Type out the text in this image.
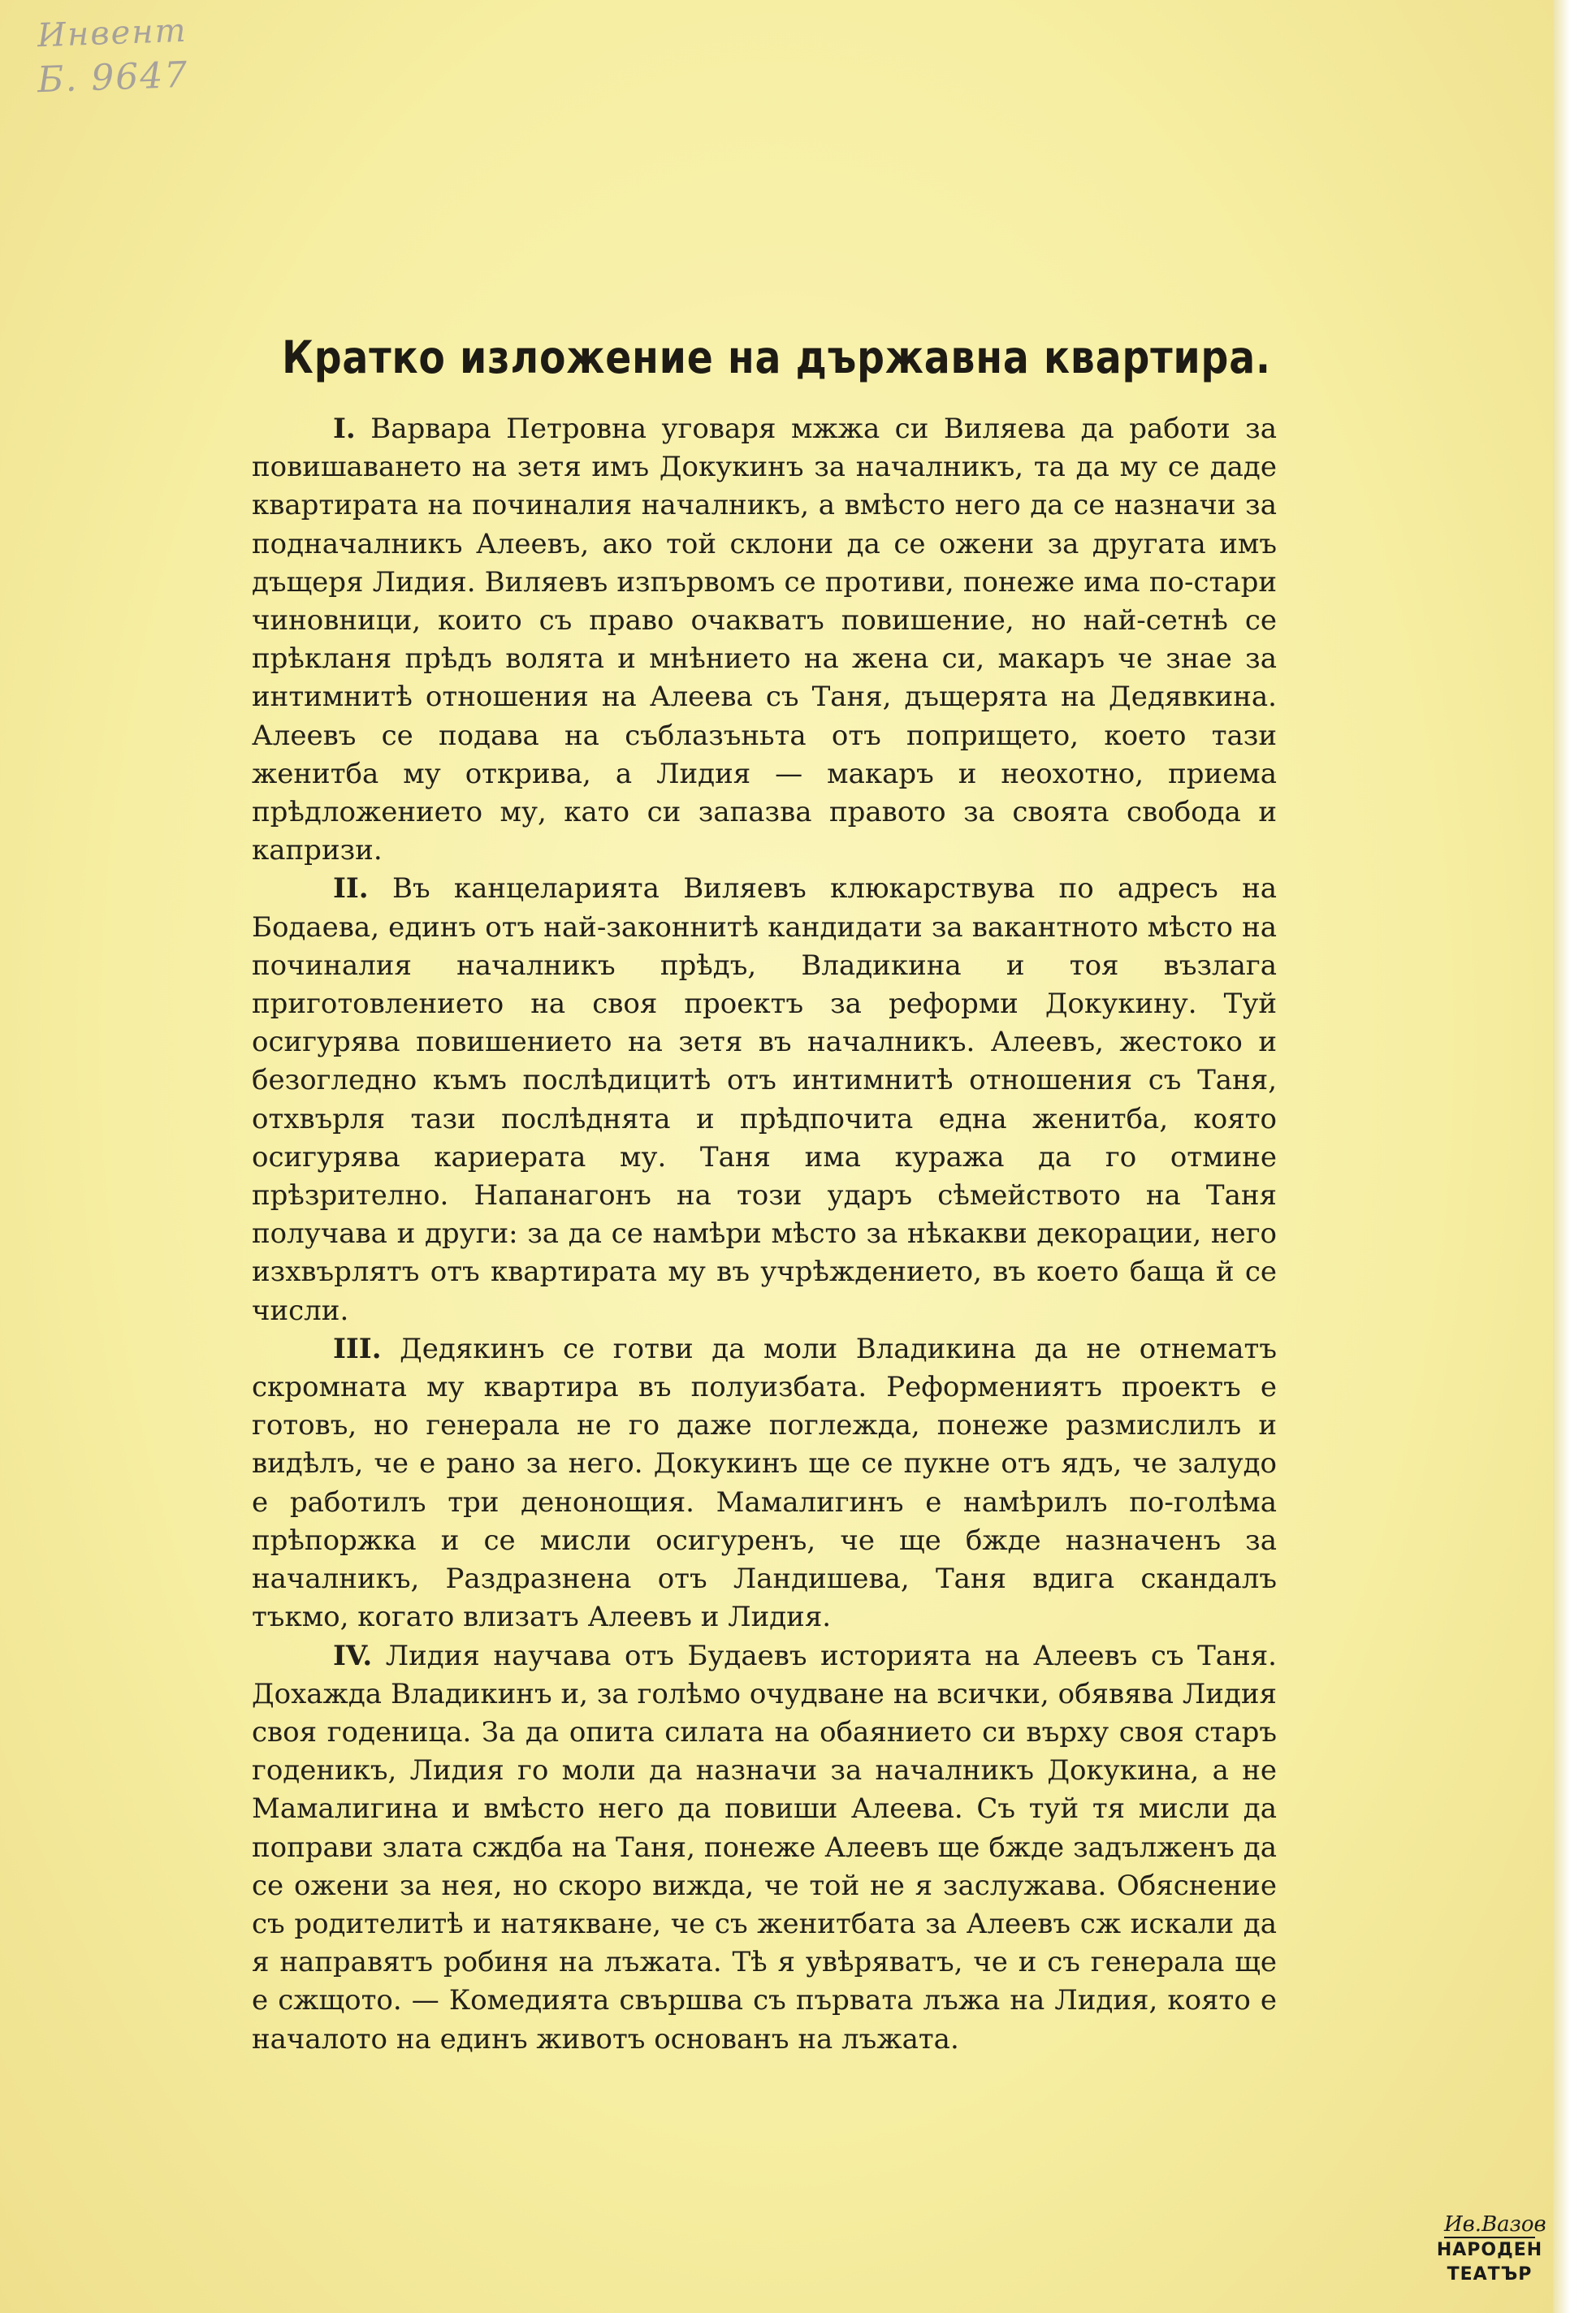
Инвент
Б. 9647
Кратко изложение на държавна квартира.

I. Варвара Петровна уговаря мжжа си Виляева да работи за повишаването на зетя имъ Докукинъ за началникъ, та да му се даде квартирата на починалия началникъ, а вмѣсто него да се назначи за подначалникъ Алеевъ, ако той склони да се ожени за другата имъ дъщеря Лидия. Виляевъ изпървомъ се противи, понеже има по-стари чиновници, които съ право очакватъ повишение, но най-сетнѣ се прѣкланя прѣдъ волята и мнѣнието на жена си, макаръ че знае за интимнитѣ отношения на Алеева съ Таня, дъщерята на Дедявкина. Алеевъ се подава на съблазъньта отъ попрището, което тази женитба му открива, а Лидия — макаръ и неохотно, приема прѣдложението му, като си запазва правото за своята свобода и капризи.

II. Въ канцеларията Виляевъ клюкарствува по адресъ на Бодаева, единъ отъ най-законнитѣ кандидати за вакантното мѣсто на починалия началникъ прѣдъ, Владикина и тоя възлага приготовлението на своя проектъ за реформи Докукину. Туй осигурява повишението на зетя въ началникъ. Алеевъ, жестоко и безогледно къмъ послѣдицитѣ отъ интимнитѣ отношения съ Таня, отхвърля тази послѣднята и прѣдпочита една женитба, която осигурява кариерата му. Таня има куража да го отмине прѣзрително. Напанагонъ на този ударъ сѣмейството на Таня получава и други: за да се намѣри мѣсто за нѣкакви декорации, него изхвърлятъ отъ квартирата му въ учрѣждението, въ което баща й се числи.

III. Дедякинъ се готви да моли Владикина да не отнематъ скромната му квартира въ полуизбата. Реформениятъ проектъ е готовъ, но генерала не го даже поглежда, понеже размислилъ и видѣлъ, че е рано за него. Докукинъ ще се пукне отъ ядъ, че залудо е работилъ три денонощия. Мамалигинъ е намѣрилъ по-голѣма прѣпоржка и се мисли осигуренъ, че ще бжде назначенъ за началникъ, Раздразнена отъ Ландишева, Таня вдига скандалъ тъкмо, когато влизатъ Алеевъ и Лидия.

IV. Лидия научава отъ Будаевъ историята на Алеевъ съ Таня. Дохажда Владикинъ и, за голѣмо очудване на всички, обявява Лидия своя годеница. За да опита силата на обаянието си върху своя старъ годеникъ, Лидия го моли да назначи за началникъ Докукина, а не Мамалигина и вмѣсто него да повиши Алеева. Съ туй тя мисли да поправи злата сждба на Таня, понеже Алеевъ ще бжде задълженъ да се ожени за нея, но скоро вижда, че той не я заслужава. Обяснение съ родителитѣ и натякване, че съ женитбата за Алеевъ сж искали да я направятъ робиня на лъжата. Тѣ я увѣряватъ, че и съ генерала ще е сжщото. — Комедията свършва съ първата лъжа на Лидия, която е началото на единъ животъ основанъ на лъжата.

Ив.Вазов
НАРОДЕН
ТЕАТЪР
